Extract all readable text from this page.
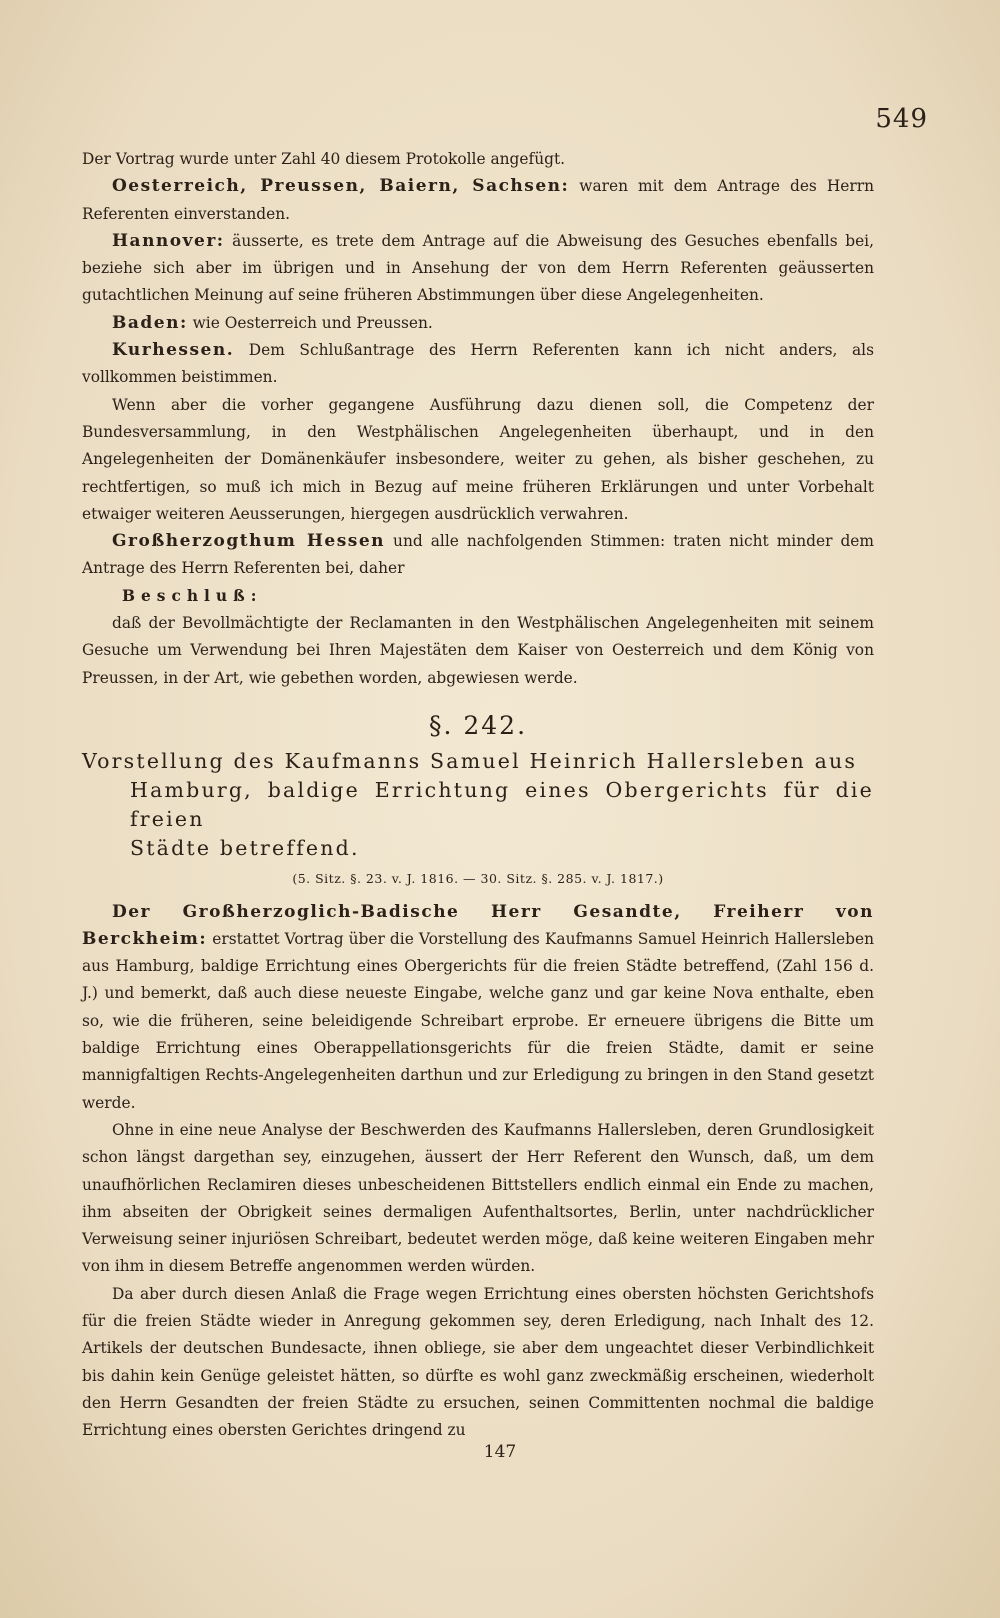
549

Der Vortrag wurde unter Zahl 40 diesem Protokolle angefügt.

Oesterreich, Preussen, Baiern, Sachsen: waren mit dem Antrage des Herrn Referenten einverstanden.

Hannover: äusserte, es trete dem Antrage auf die Abweisung des Gesuches ebenfalls bei, beziehe sich aber im übrigen und in Ansehung der von dem Herrn Referenten geäusserten gutachtlichen Meinung auf seine früheren Abstimmungen über diese Angelegenheiten.

Baden: wie Oesterreich und Preussen.

Kurhessen. Dem Schlußantrage des Herrn Referenten kann ich nicht anders, als vollkommen beistimmen.

Wenn aber die vorher gegangene Ausführung dazu dienen soll, die Competenz der Bundesversammlung, in den Westphälischen Angelegenheiten überhaupt, und in den Angelegenheiten der Domänenkäufer insbesondere, weiter zu gehen, als bisher geschehen, zu rechtfertigen, so muß ich mich in Bezug auf meine früheren Erklärungen und unter Vorbehalt etwaiger weiteren Aeusserungen, hiergegen ausdrücklich verwahren.

Großherzogthum Hessen und alle nachfolgenden Stimmen: traten nicht minder dem Antrage des Herrn Referenten bei, daher

Beschluß:

daß der Bevollmächtigte der Reclamanten in den Westphälischen Angelegenheiten mit seinem Gesuche um Verwendung bei Ihren Majestäten dem Kaiser von Oesterreich und dem König von Preussen, in der Art, wie gebethen worden, abgewiesen werde.

§. 242.

Vorstellung des Kaufmanns Samuel Heinrich Hallersleben aus
Hamburg, baldige Errichtung eines Obergerichts für die freien
Städte betreffend.

(5. Sitz. §. 23. v. J. 1816. — 30. Sitz. §. 285. v. J. 1817.)

Der Großherzoglich-Badische Herr Gesandte, Freiherr von Berckheim: erstattet Vortrag über die Vorstellung des Kaufmanns Samuel Heinrich Hallersleben aus Hamburg, baldige Errichtung eines Obergerichts für die freien Städte betreffend, (Zahl 156 d. J.) und bemerkt, daß auch diese neueste Eingabe, welche ganz und gar keine Nova enthalte, eben so, wie die früheren, seine beleidigende Schreibart erprobe. Er erneuere übrigens die Bitte um baldige Errichtung eines Oberappellationsgerichts für die freien Städte, damit er seine mannigfaltigen Rechts-Angelegenheiten darthun und zur Erledigung zu bringen in den Stand gesetzt werde.

Ohne in eine neue Analyse der Beschwerden des Kaufmanns Hallersleben, deren Grundlosigkeit schon längst dargethan sey, einzugehen, äussert der Herr Referent den Wunsch, daß, um dem unaufhörlichen Reclamiren dieses unbescheidenen Bittstellers endlich einmal ein Ende zu machen, ihm abseiten der Obrigkeit seines dermaligen Aufenthaltsortes, Berlin, unter nachdrücklicher Verweisung seiner injuriösen Schreibart, bedeutet werden möge, daß keine weiteren Eingaben mehr von ihm in diesem Betreffe angenommen werden würden.

Da aber durch diesen Anlaß die Frage wegen Errichtung eines obersten höchsten Gerichtshofs für die freien Städte wieder in Anregung gekommen sey, deren Erledigung, nach Inhalt des 12. Artikels der deutschen Bundesacte, ihnen obliege, sie aber dem ungeachtet dieser Verbindlichkeit bis dahin kein Genüge geleistet hätten, so dürfte es wohl ganz zweckmäßig erscheinen, wiederholt den Herrn Gesandten der freien Städte zu ersuchen, seinen Committenten nochmal die baldige Errichtung eines obersten Gerichtes dringend zu

147
